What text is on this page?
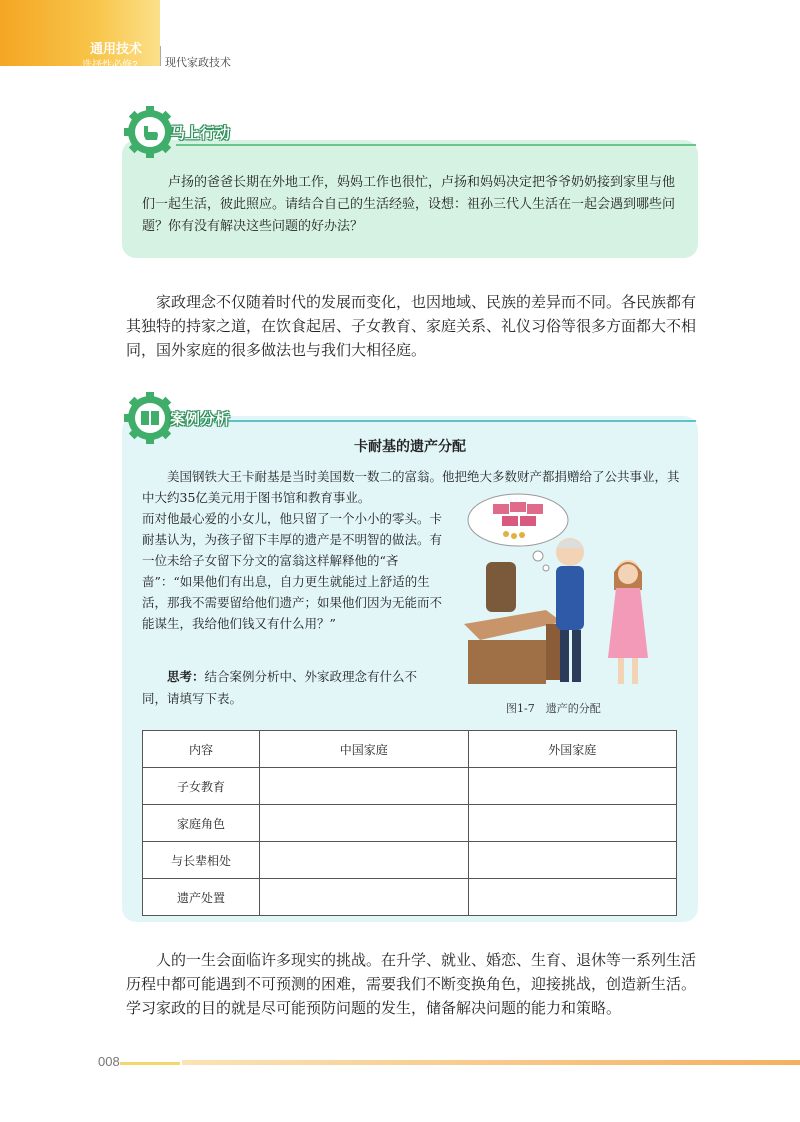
通用技术
选择性必修2 现代家政技术
马上行动

卢扬的爸爸长期在外地工作，妈妈工作也很忙，卢扬和妈妈决定把爷爷奶奶接到家里与他们一起生活，彼此照应。请结合自己的生活经验，设想：祖孙三代人生活在一起会遇到哪些问题？你有没有解决这些问题的好办法？

家政理念不仅随着时代的发展而变化，也因地域、民族的差异而不同。各民族都有其独特的持家之道，在饮食起居、子女教育、家庭关系、礼仪习俗等很多方面都大不相同，国外家庭的很多做法也与我们大相径庭。

案例分析
卡耐基的遗产分配

美国钢铁大王卡耐基是当时美国数一数二的富翁。他把绝大多数财产都捐赠给了公共事业，其中大约35亿美元用于图书馆和教育事业。

而对他最心爱的小女儿，他只留了一个小小的零头。卡耐基认为，为孩子留下丰厚的遗产是不明智的做法。有一位未给子女留下分文的富翁这样解释他的“吝啬”：“如果他们有出息，自力更生就能过上舒适的生活，那我不需要留给他们遗产；如果他们因为无能而不能谋生，我给他们钱又有什么用？”

思考：结合案例分析中、外家政理念有什么不同，请填写下表。

图1-7　遗产的分配
内容	中国家庭	外国家庭
子女教育		
家庭角色		
与长辈相处		
遗产处置		

人的一生会面临许多现实的挑战。在升学、就业、婚恋、生育、退休等一系列生活历程中都可能遇到不可预测的困难，需要我们不断变换角色，迎接挑战，创造新生活。学习家政的目的就是尽可能预防问题的发生，储备解决问题的能力和策略。

008
